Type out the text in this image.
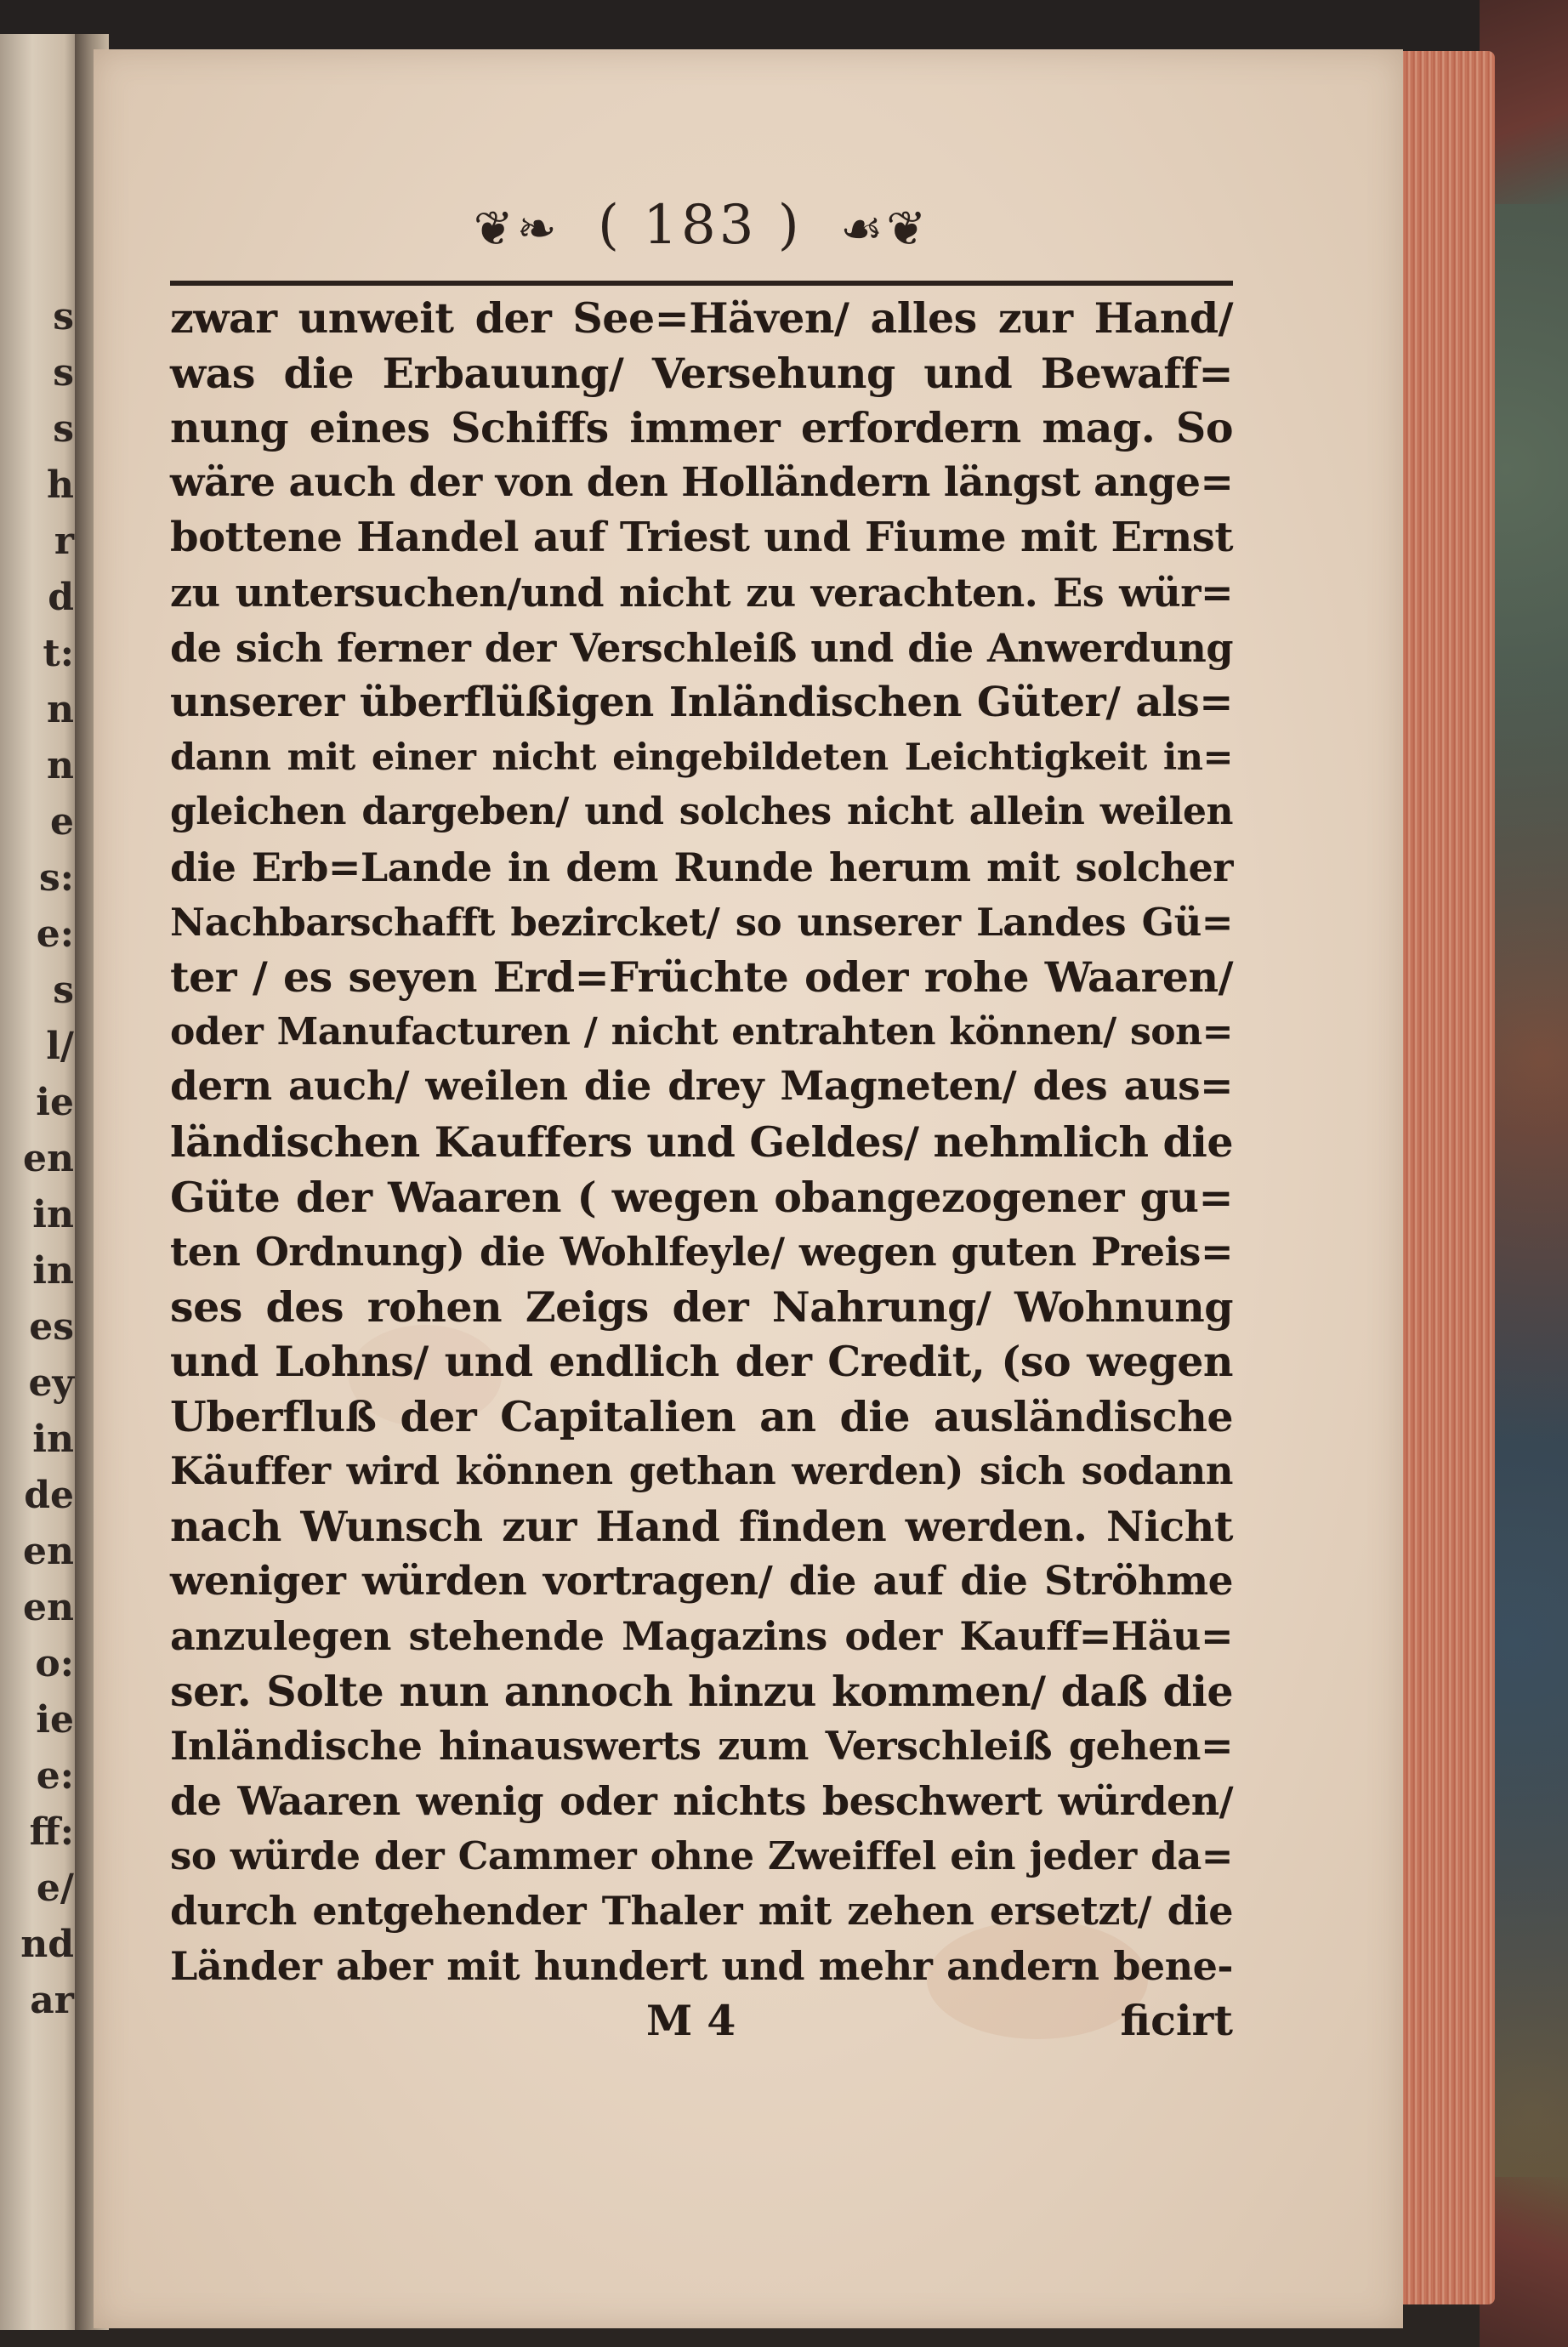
s
s
s
h
r
d
t:
n
n
e
s:
e:
s
l/
ie
en
in
in
es
ey
in
de
en
en
o:
ie
e:
ff:
e/
nd
ar
❦❧ ( 183 ) ☙❦
zwar unweit der See=Häven/ alles zur Hand/
was die Erbauung/ Versehung und Bewaff=
nung eines Schiffs immer erfordern mag. So
wäre auch der von den Holländern längst ange=
bottene Handel auf Triest und Fiume mit Ernst
zu untersuchen/und nicht zu verachten. Es wür=
de sich ferner der Verschleiß und die Anwerdung
unserer überflüßigen Inländischen Güter/ als=
dann mit einer nicht eingebildeten Leichtigkeit in=
gleichen dargeben/ und solches nicht allein weilen
die Erb=Lande in dem Runde herum mit solcher
Nachbarschafft bezircket/ so unserer Landes Gü=
ter / es seyen Erd=Früchte oder rohe Waaren/
oder Manufacturen / nicht entrahten können/ son=
dern auch/ weilen die drey Magneten/ des aus=
ländischen Kauffers und Geldes/ nehmlich die
Güte der Waaren ( wegen obangezogener gu=
ten Ordnung) die Wohlfeyle/ wegen guten Preis=
ses des rohen Zeigs der Nahrung/ Wohnung
und Lohns/ und endlich der Credit, (so wegen
Uberfluß der Capitalien an die ausländische
Käuffer wird können gethan werden) sich sodann
nach Wunsch zur Hand finden werden. Nicht
weniger würden vortragen/ die auf die Ströhme
anzulegen stehende Magazins oder Kauff=Häu=
ser. Solte nun annoch hinzu kommen/ daß die
Inländische hinauswerts zum Verschleiß gehen=
de Waaren wenig oder nichts beschwert würden/
so würde der Cammer ohne Zweiffel ein jeder da=
durch entgehender Thaler mit zehen ersetzt/ die
Länder aber mit hundert und mehr andern bene-
M 4	ficirt
